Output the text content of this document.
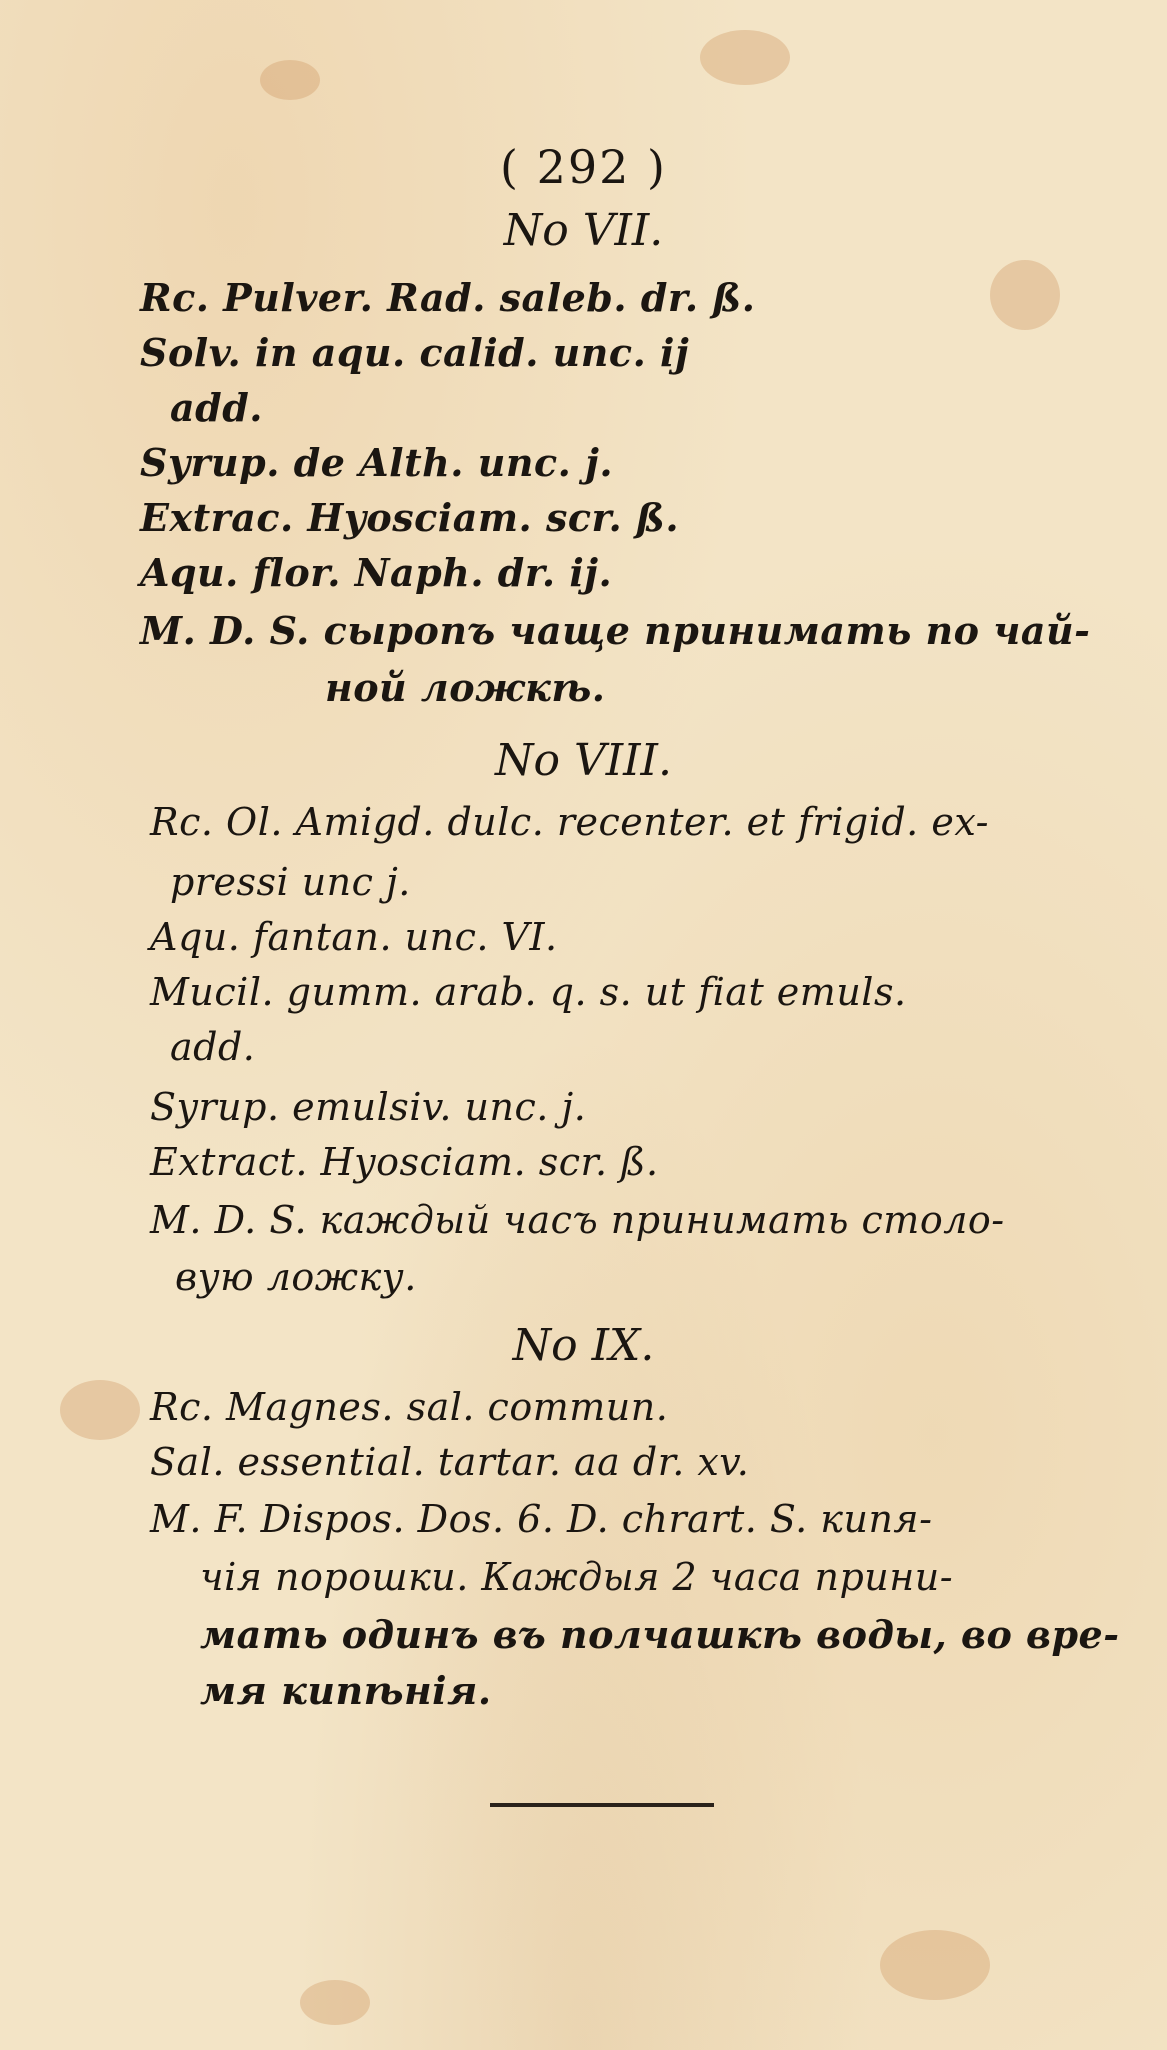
( 292 )
No VII.
Rc. Pulver. Rad. saleb. dr. ß.
Solv. in aqu. calid. unc. ij
add.
Syrup. de Alth. unc. j.
Extrac. Hyosciam. scr. ß.
Aqu. flor. Naph. dr. ij.
M. D. S. сыропъ чаще принимать по чай-
ной ложкѣ.
No VIII.
Rc. Ol. Amigd. dulc. recenter. et frigid. ex-
pressi unc j.
Aqu. fantan. unc. VI.
Mucil. gumm. arab. q. s. ut fiat emuls.
add.
Syrup. emulsiv. unc. j.
Extract. Hyosciam. scr. ß.
M. D. S. каждый часъ принимать столо-
вую ложку.
No IX.
Rc. Magnes. sal. commun.
Sal. essential. tartar. aa dr. xv.
M. F. Dispos. Dos. 6. D. chrart. S. кипя-
чія порошки. Каждыя 2 часа прини-
мать одинъ въ полчашкѣ воды, во вре-
мя кипѣнія.
